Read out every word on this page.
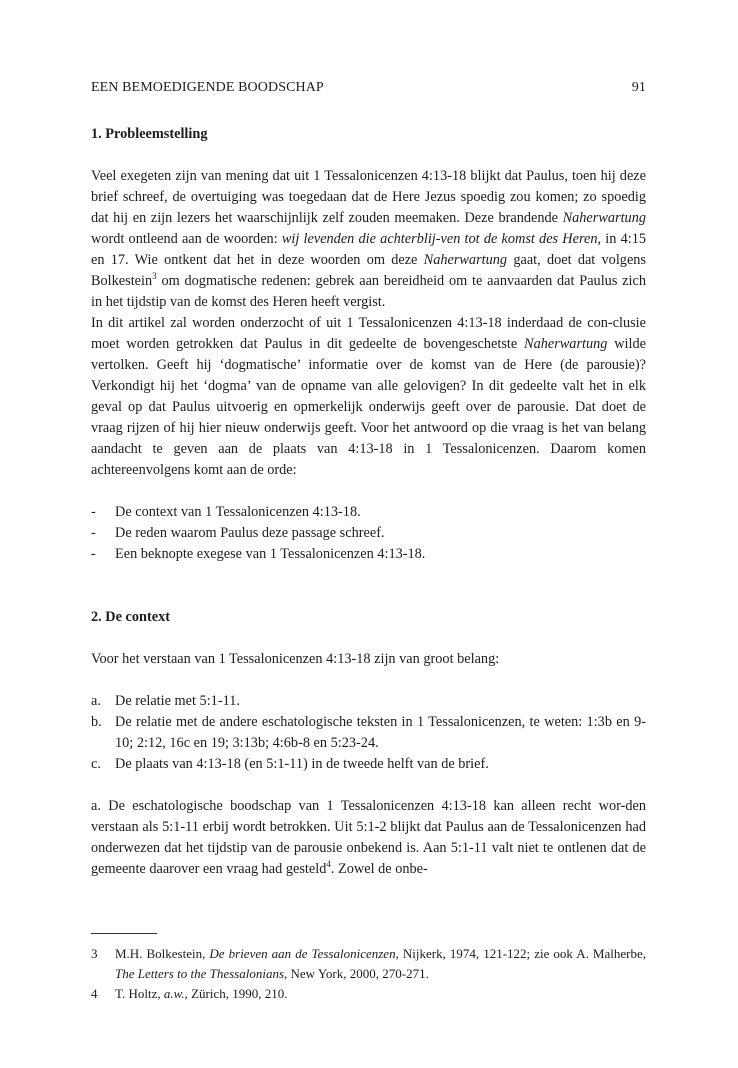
EEN BEMOEDIGENDE BOODSCHAP	91
1. Probleemstelling

Veel exegeten zijn van mening dat uit 1 Tessalonicenzen 4:13-18 blijkt dat Paulus, toen hij deze brief schreef, de overtuiging was toegedaan dat de Here Jezus spoedig zou komen; zo spoedig dat hij en zijn lezers het waarschijnlijk zelf zouden meemaken. Deze brandende Naherwartung wordt ontleend aan de woorden: wij levenden die achterblij-ven tot de komst des Heren, in 4:15 en 17. Wie ontkent dat het in deze woorden om deze Naherwartung gaat, doet dat volgens Bolkestein$^3$ om dogmatische redenen: gebrek aan bereidheid om te aanvaarden dat Paulus zich in het tijdstip van de komst des Heren heeft vergist.

In dit artikel zal worden onderzocht of uit 1 Tessalonicenzen 4:13-18 inderdaad de con-clusie moet worden getrokken dat Paulus in dit gedeelte de bovengeschetste Naherwartung wilde vertolken. Geeft hij ‘dogmatische’ informatie over de komst van de Here (de parousie)? Verkondigt hij het ‘dogma’ van de opname van alle gelovigen? In dit gedeelte valt het in elk geval op dat Paulus uitvoerig en opmerkelijk onderwijs geeft over de parousie. Dat doet de vraag rijzen of hij hier nieuw onderwijs geeft. Voor het antwoord op die vraag is het van belang aandacht te geven aan de plaats van 4:13-18 in 1 Tessalonicenzen. Daarom komen achtereenvolgens komt aan de orde:

- De context van 1 Tessalonicenzen 4:13-18.
- De reden waarom Paulus deze passage schreef.
- Een beknopte exegese van 1 Tessalonicenzen 4:13-18.
2. De context

Voor het verstaan van 1 Tessalonicenzen 4:13-18 zijn van groot belang:

a. De relatie met 5:1-11.
b. De relatie met de andere eschatologische teksten in 1 Tessalonicenzen, te weten: 1:3b en 9-10; 2:12, 16c en 19; 3:13b; 4:6b-8 en 5:23-24.
c. De plaats van 4:13-18 (en 5:1-11) in de tweede helft van de brief.

a. De eschatologische boodschap van 1 Tessalonicenzen 4:13-18 kan alleen recht wor-den verstaan als 5:1-11 erbij wordt betrokken. Uit 5:1-2 blijkt dat Paulus aan de Tessalonicenzen had onderwezen dat het tijdstip van de parousie onbekend is. Aan 5:1-11 valt niet te ontlenen dat de gemeente daarover een vraag had gesteld$^4$. Zowel de onbe-

3 M.H. Bolkestein, De brieven aan de Tessalonicenzen, Nijkerk, 1974, 121-122; zie ook A. Malherbe, The Letters to the Thessalonians, New York, 2000, 270-271.
4 T. Holtz, a.w., Zürich, 1990, 210.
